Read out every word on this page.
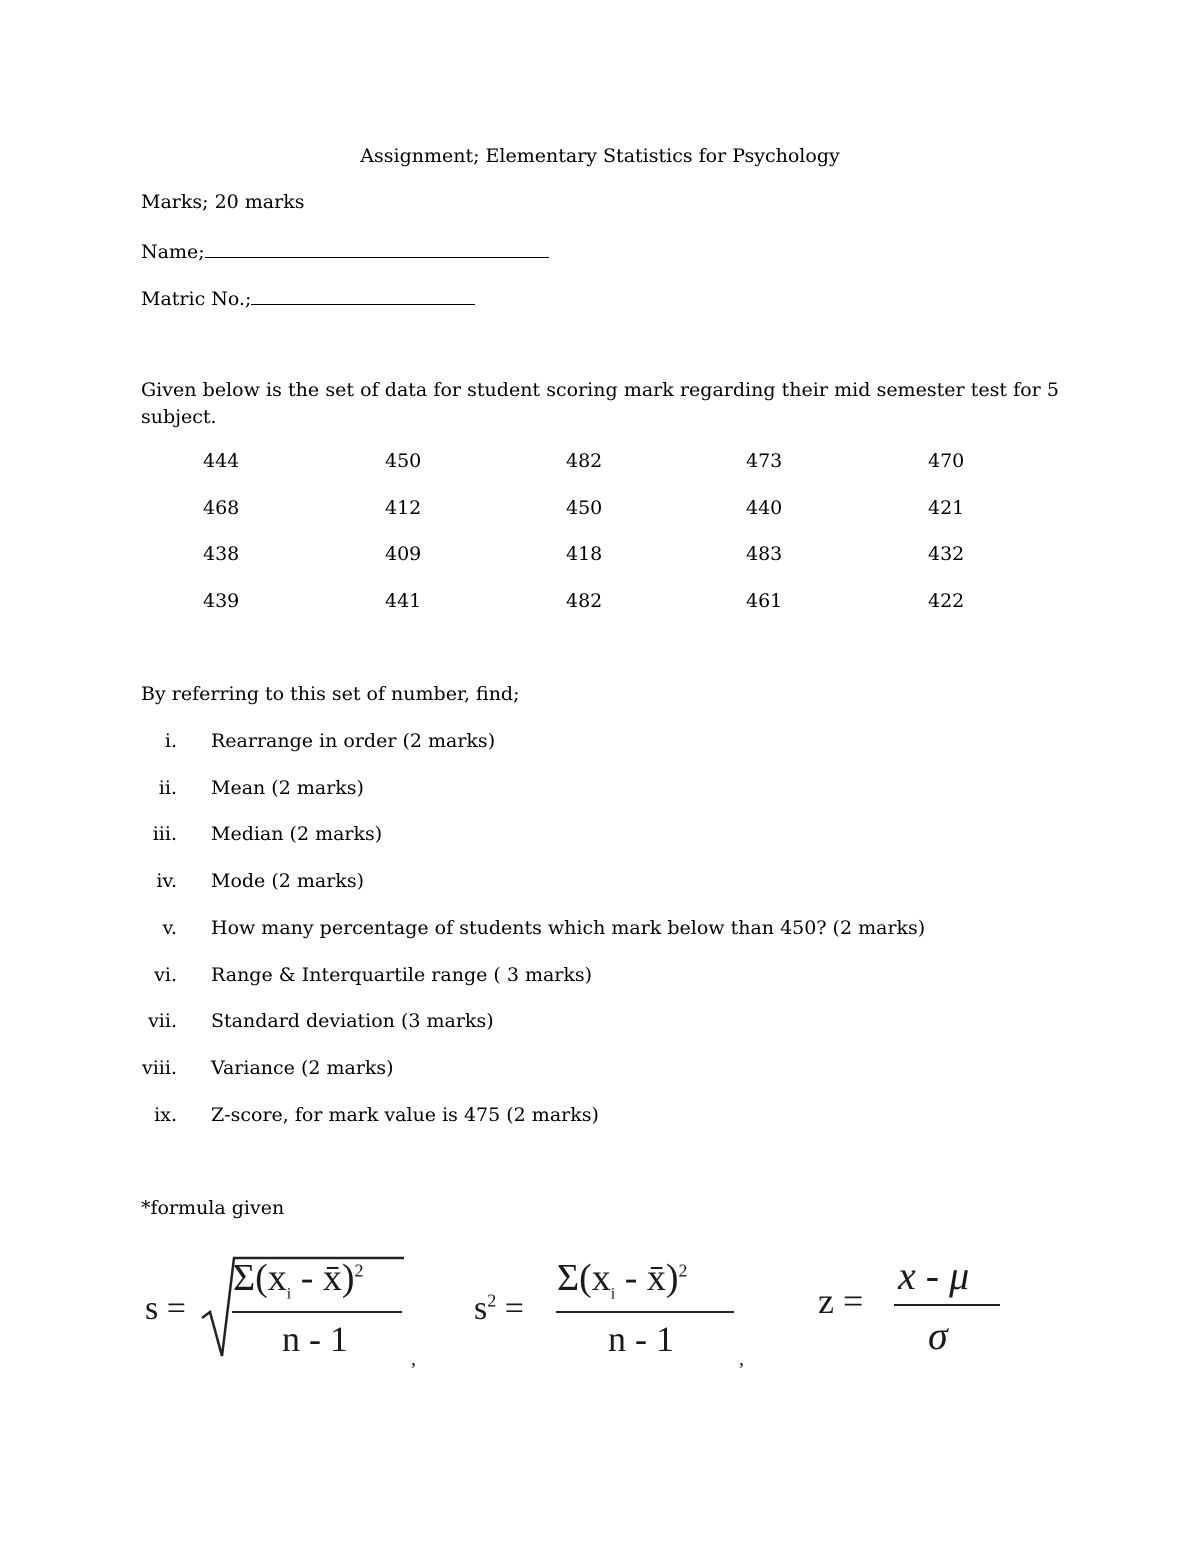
Assignment; Elementary Statistics for Psychology
Marks; 20 marks
Name;
Matric No.;
Given below is the set of data for student scoring mark regarding their mid semester test for 5 subject.
444	450	482	473	470
468	412	450	440	421
438	409	418	483	432
439	441	482	461	422
By referring to this set of number, find;
i. Rearrange in order (2 marks)
ii. Mean (2 marks)
iii. Median (2 marks)
iv. Mode (2 marks)
v. How many percentage of students which mark below than 450? (2 marks)
vi. Range & Interquartile range ( 3 marks)
vii. Standard deviation (3 marks)
viii. Variance (2 marks)
ix. Z-score, for mark value is 475 (2 marks)
*formula given
s =
$\Sigma(x_i$ - x̄)$^2$
n - 1	,
$s^2$ =
$\Sigma(x_i$ - x̄)$^2$
n - 1	,
z =
x - μ
σ
